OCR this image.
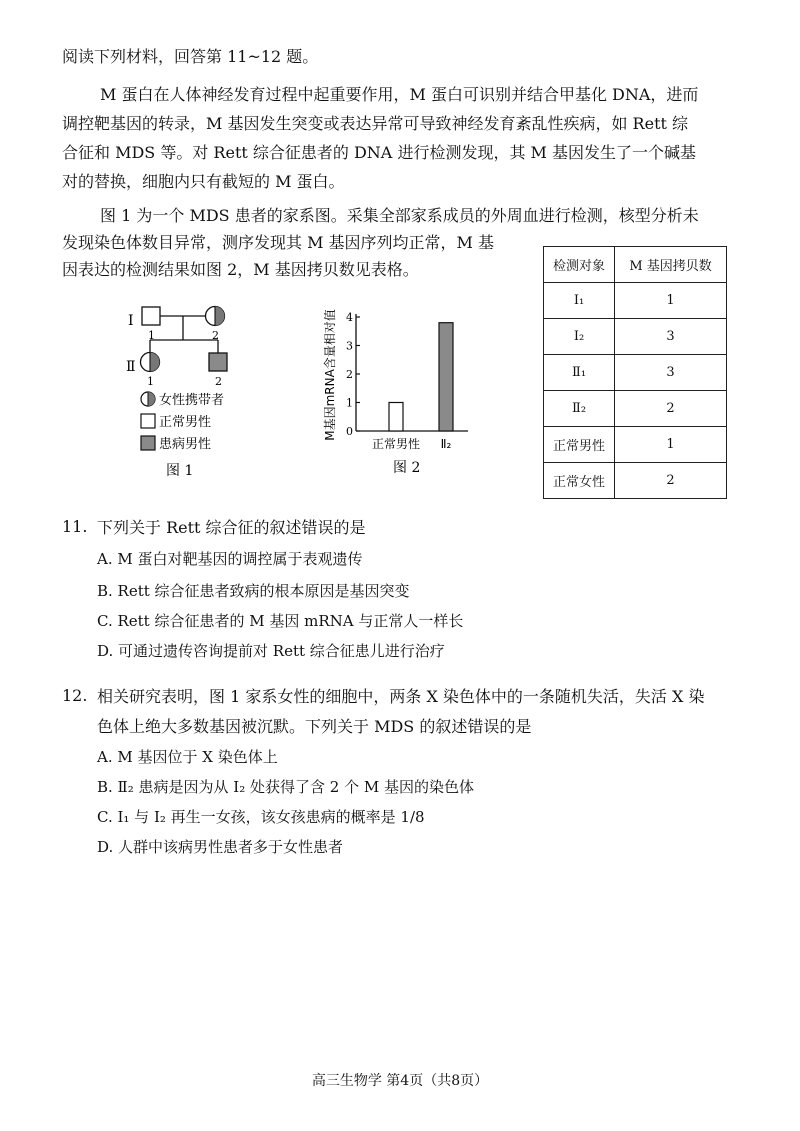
阅读下列材料，回答第 11~12 题。
M 蛋白在人体神经发育过程中起重要作用，M 蛋白可识别并结合甲基化 DNA，进而
调控靶基因的转录，M 基因发生突变或表达异常可导致神经发育紊乱性疾病，如 Rett 综
合征和 MDS 等。对 Rett 综合征患者的 DNA 进行检测发现，其 M 基因发生了一个碱基
对的替换，细胞内只有截短的 M 蛋白。
图 1 为一个 MDS 患者的家系图。采集全部家系成员的外周血进行检测，核型分析未
发现染色体数目异常，测序发现其 M 基因序列均正常，M 基
因表达的检测结果如图 2，M 基因拷贝数见表格。
Ⅰ
Ⅱ
1	2
1	2
女性携带者
正常男性
患病男性
图 1
M基因mRNA含量相对值 0
1
2
3
4
正常男性 Ⅱ₂
图 2
检测对象	M 基因拷贝数
Ⅰ₁	1
Ⅰ₂	3
Ⅱ₁	3
Ⅱ₂	2
正常男性	1
正常女性	2
11. 下列关于 Rett 综合征的叙述错误的是
A. M 蛋白对靶基因的调控属于表观遗传
B. Rett 综合征患者致病的根本原因是基因突变
C. Rett 综合征患者的 M 基因 mRNA 与正常人一样长
D. 可通过遗传咨询提前对 Rett 综合征患儿进行治疗
12. 相关研究表明，图 1 家系女性的细胞中，两条 X 染色体中的一条随机失活，失活 X 染
色体上绝大多数基因被沉默。下列关于 MDS 的叙述错误的是
A. M 基因位于 X 染色体上
B. Ⅱ₂ 患病是因为从 Ⅰ₂ 处获得了含 2 个 M 基因的染色体
C. Ⅰ₁ 与 Ⅰ₂ 再生一女孩，该女孩患病的概率是 1/8
D. 人群中该病男性患者多于女性患者
高三生物学 第4页（共8页）
